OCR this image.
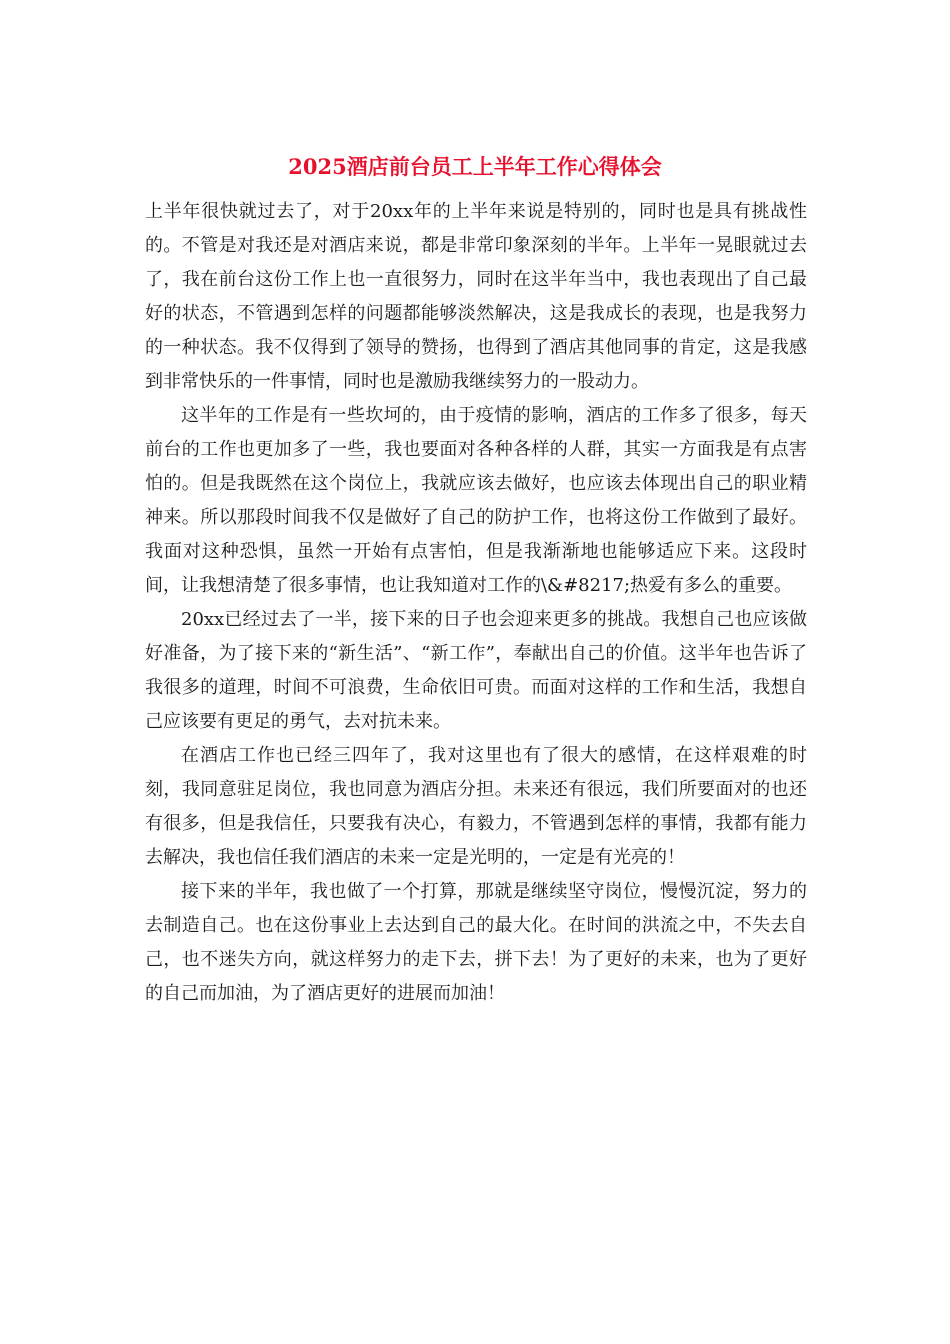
2025酒店前台员工上半年工作心得体会

上半年很快就过去了，对于20xx年的上半年来说是特别的，同时也是具有挑战性的。不管是对我还是对酒店来说，都是非常印象深刻的半年。上半年一晃眼就过去了，我在前台这份工作上也一直很努力，同时在这半年当中，我也表现出了自己最好的状态，不管遇到怎样的问题都能够淡然解决，这是我成长的表现，也是我努力的一种状态。我不仅得到了领导的赞扬，也得到了酒店其他同事的肯定，这是我感到非常快乐的一件事情，同时也是激励我继续努力的一股动力。

这半年的工作是有一些坎坷的，由于疫情的影响，酒店的工作多了很多，每天前台的工作也更加多了一些，我也要面对各种各样的人群，其实一方面我是有点害怕的。但是我既然在这个岗位上，我就应该去做好，也应该去体现出自己的职业精神来。所以那段时间我不仅是做好了自己的防护工作，也将这份工作做到了最好。我面对这种恐惧，虽然一开始有点害怕，但是我渐渐地也能够适应下来。这段时间，让我想清楚了很多事情，也让我知道对工作的\&#8217;热爱有多么的重要。

20xx已经过去了一半，接下来的日子也会迎来更多的挑战。我想自己也应该做好准备，为了接下来的“新生活”、“新工作”，奉献出自己的价值。这半年也告诉了我很多的道理，时间不可浪费，生命依旧可贵。而面对这样的工作和生活，我想自己应该要有更足的勇气，去对抗未来。

在酒店工作也已经三四年了，我对这里也有了很大的感情，在这样艰难的时刻，我同意驻足岗位，我也同意为酒店分担。未来还有很远，我们所要面对的也还有很多，但是我信任，只要我有决心，有毅力，不管遇到怎样的事情，我都有能力去解决，我也信任我们酒店的未来一定是光明的，一定是有光亮的！

接下来的半年，我也做了一个打算，那就是继续坚守岗位，慢慢沉淀，努力的去制造自己。也在这份事业上去达到自己的最大化。在时间的洪流之中，不失去自己，也不迷失方向，就这样努力的走下去，拼下去！为了更好的未来，也为了更好的自己而加油，为了酒店更好的进展而加油！
